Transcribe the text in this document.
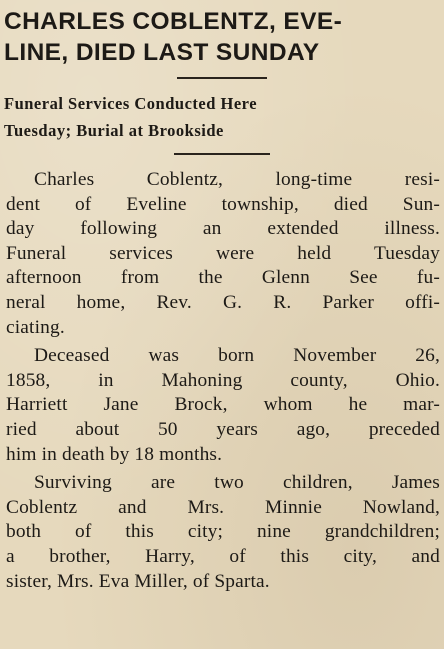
CHARLES COBLENTZ, EVE-
LINE, DIED LAST SUNDAY
Funeral Services Conducted Here
Tuesday; Burial at Brookside

Charles Coblentz, long-time resi-
dent of Eveline township, died Sun-
day following an extended illness.
Funeral services were held Tuesday
afternoon from the Glenn See fu-
neral home, Rev. G. R. Parker offi-
ciating.

Deceased was born November 26,
1858, in Mahoning county, Ohio.
Harriett Jane Brock, whom he mar-
ried about 50 years ago, preceded
him in death by 18 months.

Surviving are two children, James
Coblentz and Mrs. Minnie Nowland,
both of this city; nine grandchildren;
a brother, Harry, of this city, and
sister, Mrs. Eva Miller, of Sparta.
